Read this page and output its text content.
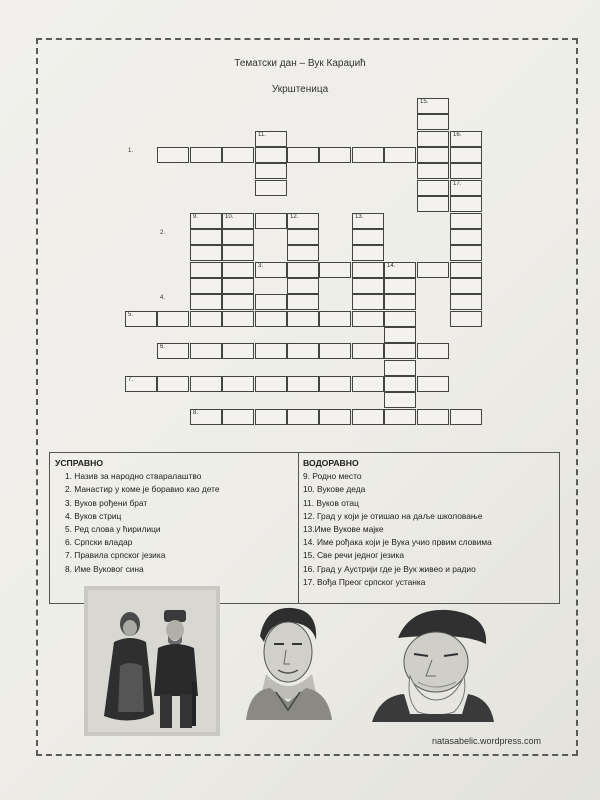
Тематски дан – Вук Караџић
Укрштеница
15.
16.
11.
1.
17.
9.	10.	12.	13.
2.
3.	14.
4.
5.
6.
7.
8.
УСПРАВНО
1. Назив за народно стваралаштво
2. Манастир у коме је боравио као дете
3. Вуков рођени брат
4. Вуков стриц
5. Ред слова у ћирилици
6. Српски владар
7. Правила српског језика
8. Име Вуковог сина
ВОДОРАВНО
9. Родно место
10. Вукове деда
11. Вуков отац
12. Град у који је отишао на даље школовање
13.Име Вукове мајке
14. Име рођака који је Вука учио првим словима
15. Све речи једног језика
16. Град у Аустрији где је Вук живео и радио
17. Вођа Прeог српског устанка
natasabelic.wordpress.com
